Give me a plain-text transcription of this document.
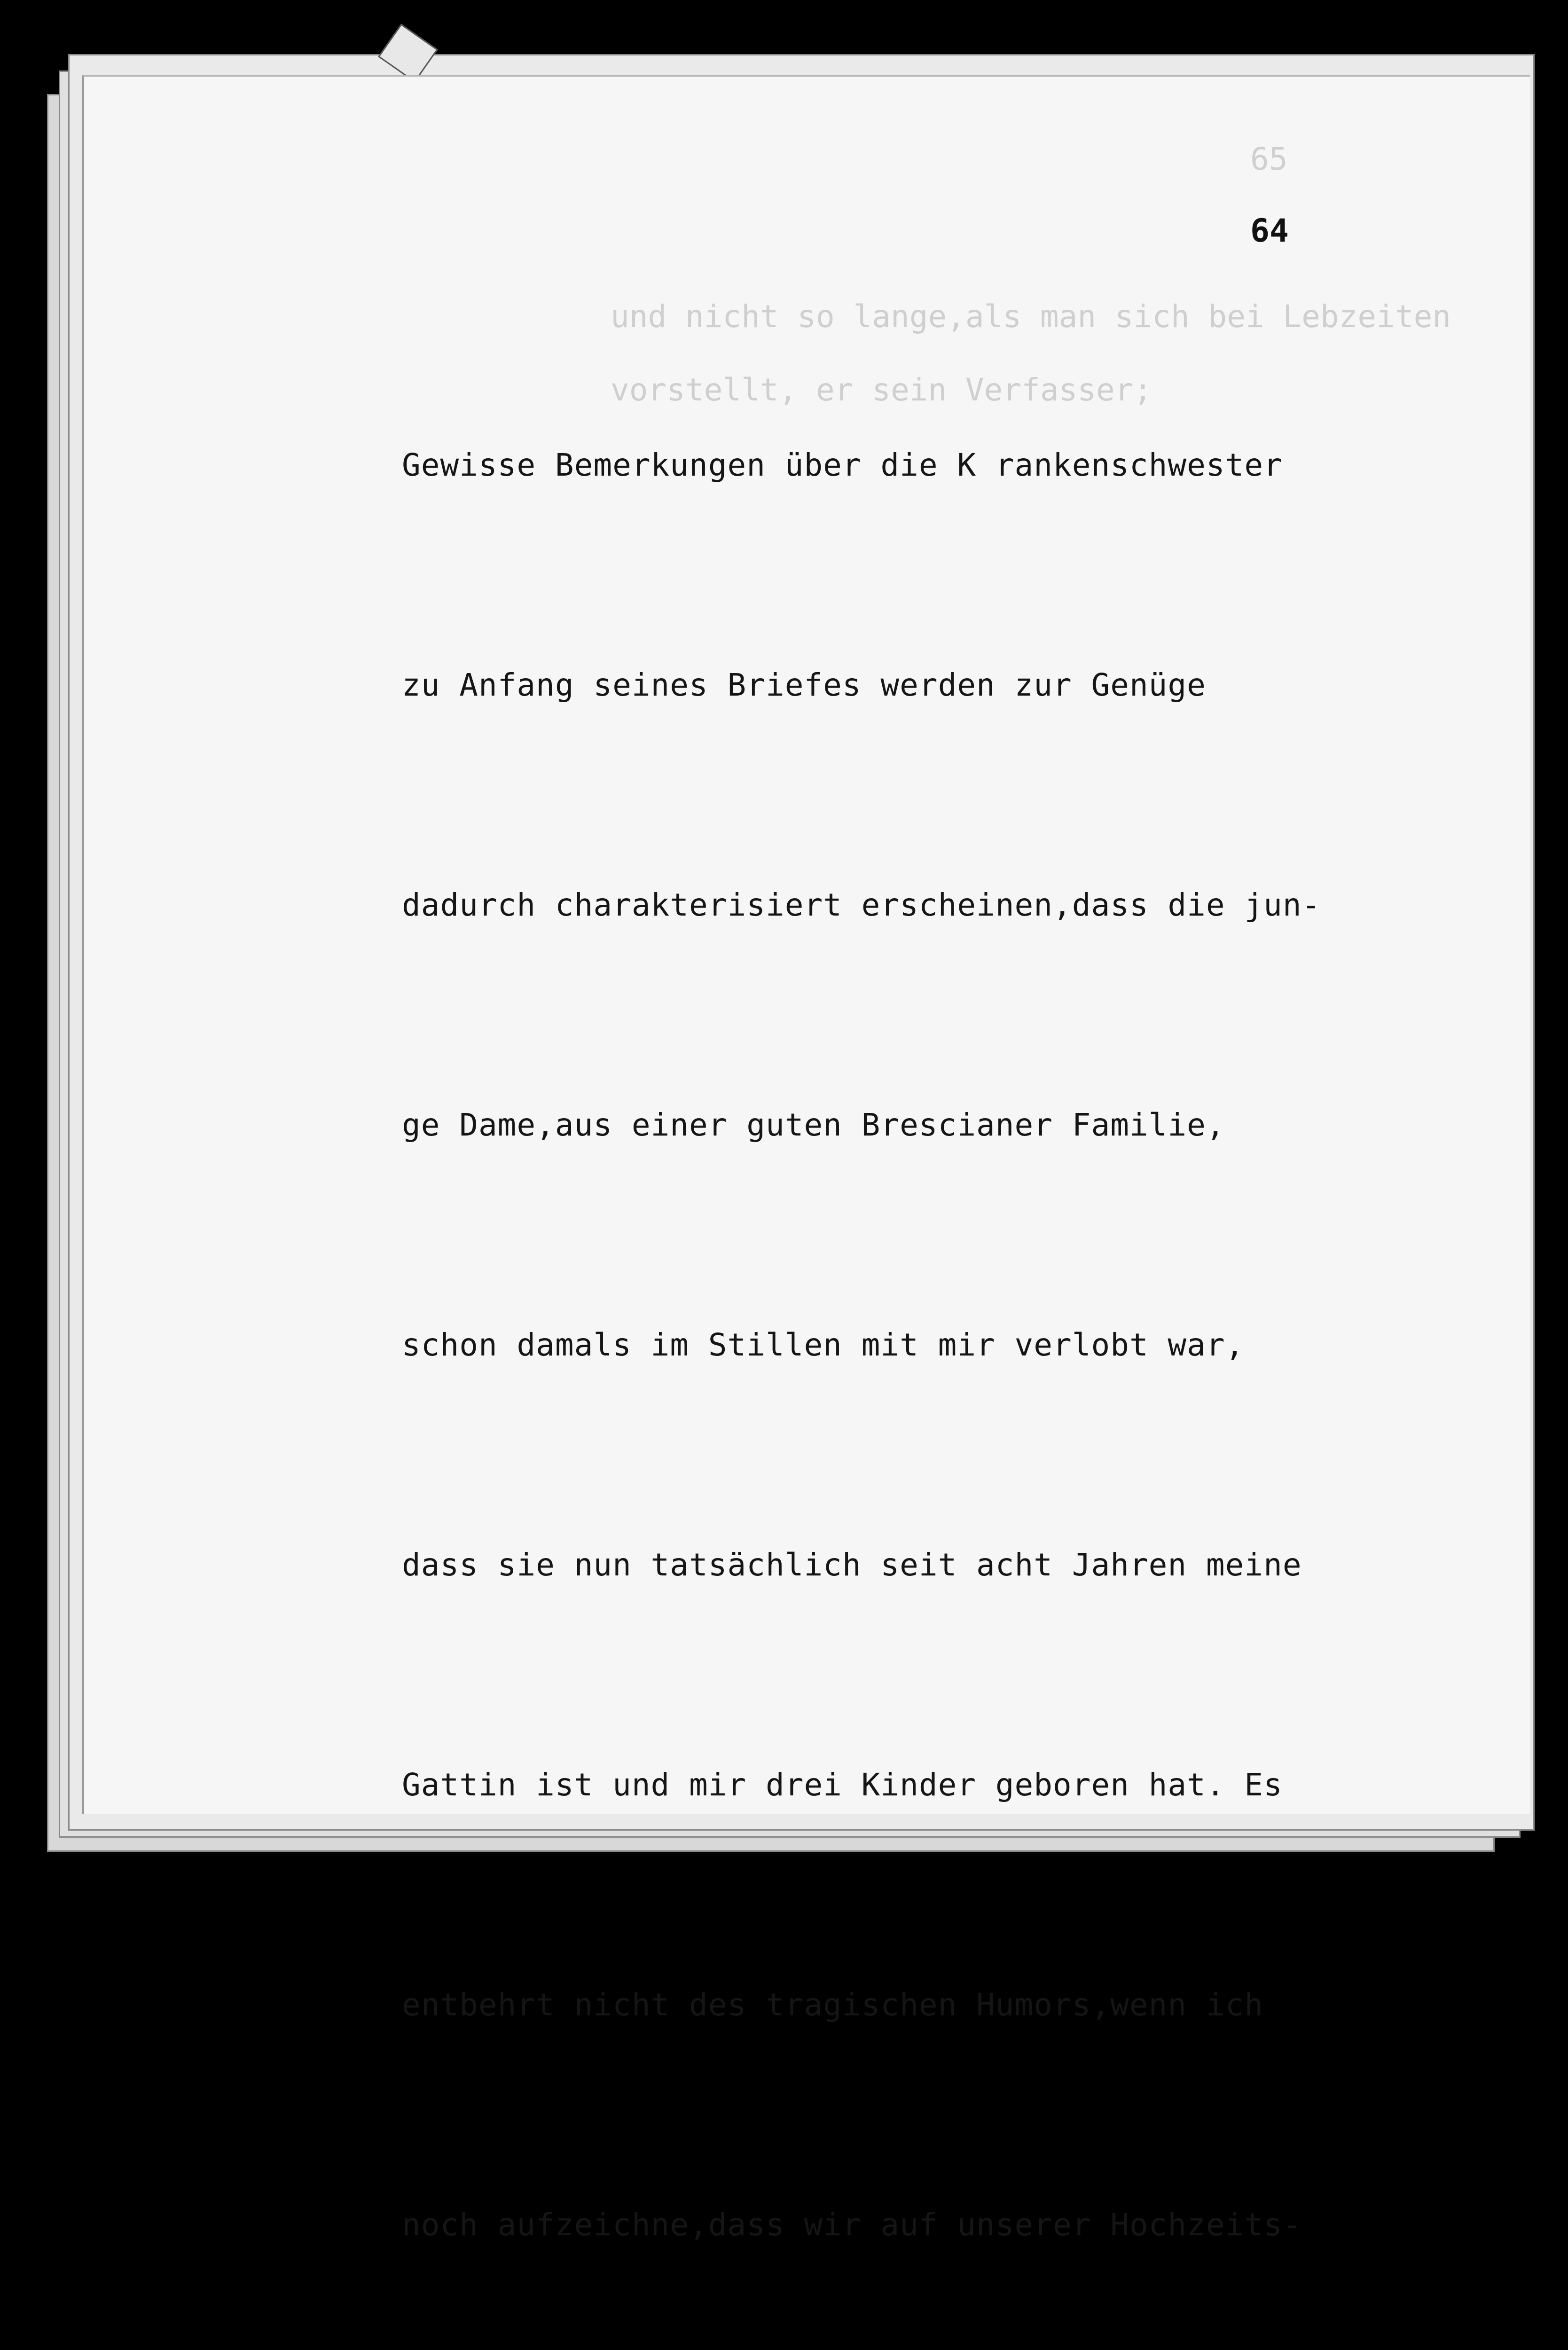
65

und nicht so lange,als man sich bei Lebzeiten
vorstellt, er sein Verfasser;

64

Gewisse Bemerkungen über die K rankenschwester

zu Anfang seines Briefes werden zur Genüge

dadurch charakterisiert erscheinen,dass die jun-

ge Dame,aus einer guten Brescianer Familie,

schon damals im Stillen mit mir verlobt war,

dass sie nun tatsächlich seit acht Jahren meine

Gattin ist und mir drei Kinder geboren hat. Es

entbehrt nicht des tragischen Humors,wenn ich

noch aufzeichne,dass wir auf unserer Hochzeits-
